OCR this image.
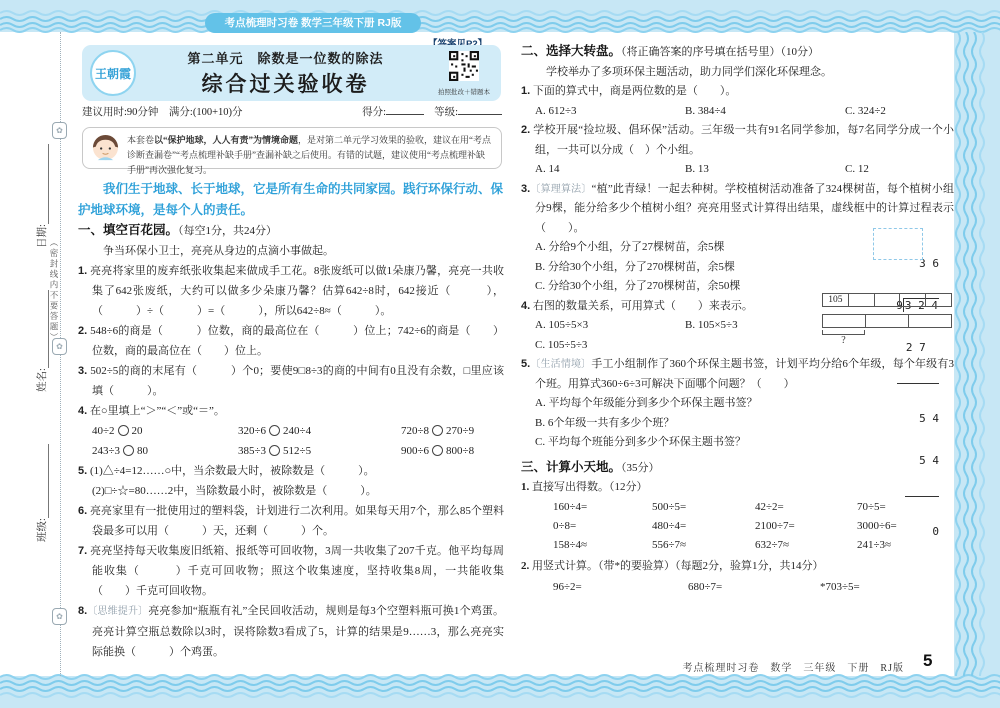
考点梳理时习卷 数学三年级下册 RJ版
✿
✿
✿
日期:
姓名:
班级:
（密封线内不要答题）
王朝霞
第二单元　除数是一位数的除法
综合过关验收卷	拍照批改＋错题本
建议用时:90分钟　满分:(100+10)分	得分:	等级:
本套卷以“保护地球，人人有责”为情境命题，是对第二单元学习效果的验收，建议在用“考点诊断查漏卷”“考点梳理补缺手册”查漏补缺之后使用。有错的试题，建议使用“考点梳理补缺手册”再次强化复习。
我们生于地球、长于地球，它是所有生命的共同家园。践行环保行动、保护地球环境，是每个人的责任。
一、填空百花园。（每空1分，共24分）
争当环保小卫士，亮亮从身边的点滴小事做起。
1. 亮亮将家里的废弃纸张收集起来做成手工花。8张废纸可以做1朵康乃馨，亮亮一共收集了642张废纸，大约可以做多少朵康乃馨？估算642÷8时，642接近（　　　），（　　　）÷（　　　）=（　　　），所以642÷8≈（　　　）。
2. 548÷6的商是（　　　）位数，商的最高位在（　　　）位上；742÷6的商是（　　）位数，商的最高位在（　　）位上。
3. 502÷5的商的末尾有（　　　）个0；要使9□8÷3的商的中间有0且没有余数，□里应该填（　　　）。
4. 在○里填上“＞”“＜”或“＝”。
40÷2 20	320÷6 240÷4	720÷8 270÷9
243÷3 80	385÷3 512÷5	900÷6 800÷8
5. (1)△÷4=12……○中，当余数最大时，被除数是（　　　）。
(2)□÷☆=80……2中，当除数最小时，被除数是（　　　）。
6. 亮亮家里有一批使用过的塑料袋，计划进行二次利用。如果每天用7个，那么85个塑料袋最多可以用（　　　）天，还剩（　　　）个。
7. 亮亮坚持每天收集废旧纸箱、报纸等可回收物，3周一共收集了207千克。他平均每周能收集（　　　）千克可回收物；照这个收集速度，坚持收集8周，一共能收集（　　）千克可回收物。
8.〔思维提升〕亮亮参加“瓶瓶有礼”全民回收活动，规则是每3个空塑料瓶可换1个鸡蛋。亮亮计算空瓶总数除以3时，误将除数3看成了5，计算的结果是9……3，那么亮亮实际能换（　　　）个鸡蛋。
二、选择大转盘。（将正确答案的序号填在括号里）（10分）
学校举办了多项环保主题活动，助力同学们深化环保理念。
1. 下面的算式中，商是两位数的是（　　）。
A. 612÷3	B. 384÷4	C. 324÷2
2. 学校开展“捡垃圾、倡环保”活动。三年级一共有91名同学参加，每7名同学分成一个小组，一共可以分成（　）个小组。
A. 14	B. 13	C. 12
3.〔算理算法〕“植”此青绿！一起去种树。学校植树活动准备了324棵树苗，每个植树小组分9棵，能分给多少个植树小组？亮亮用竖式计算得出结果，虚线框中的计算过程表示（　　）。
A. 分给9个小组，分了27棵树苗，余5棵
B. 分给30个小组，分了270棵树苗，余5棵
C. 分给30个小组，分了270棵树苗，余50棵
4. 右图的数量关系，可用算式（　　）来表示。
A. 105÷5×3	B. 105×5÷3
C. 105÷5÷3
5.〔生活情境〕手工小组制作了360个环保主题书签，计划平均分给6个年级，每个年级有3个班。用算式360÷6÷3可解决下面哪个问题？（　　）
A. 平均每个年级能分到多少个环保主题书签？
B. 6个年级一共有多少个班？
C. 平均每个班能分到多少个环保主题书签？
三、计算小天地。（35分）
1. 直接写出得数。（12分）
160÷4=	500÷5=	42÷2=	70÷5=
0÷8=	480÷4=	2100÷7=	3000÷6=
158÷4≈	556÷7≈	632÷7≈	241÷3≈
2. 用竖式计算。（带*的要验算）（每题2分，验算1分，共14分）
96÷2=	680÷7=	*703÷5=

3 6

9 3 2 4

2 7

5 4

5 4

0

105
?
考点梳理时习卷　数学　三年级　下册　RJ版 5
